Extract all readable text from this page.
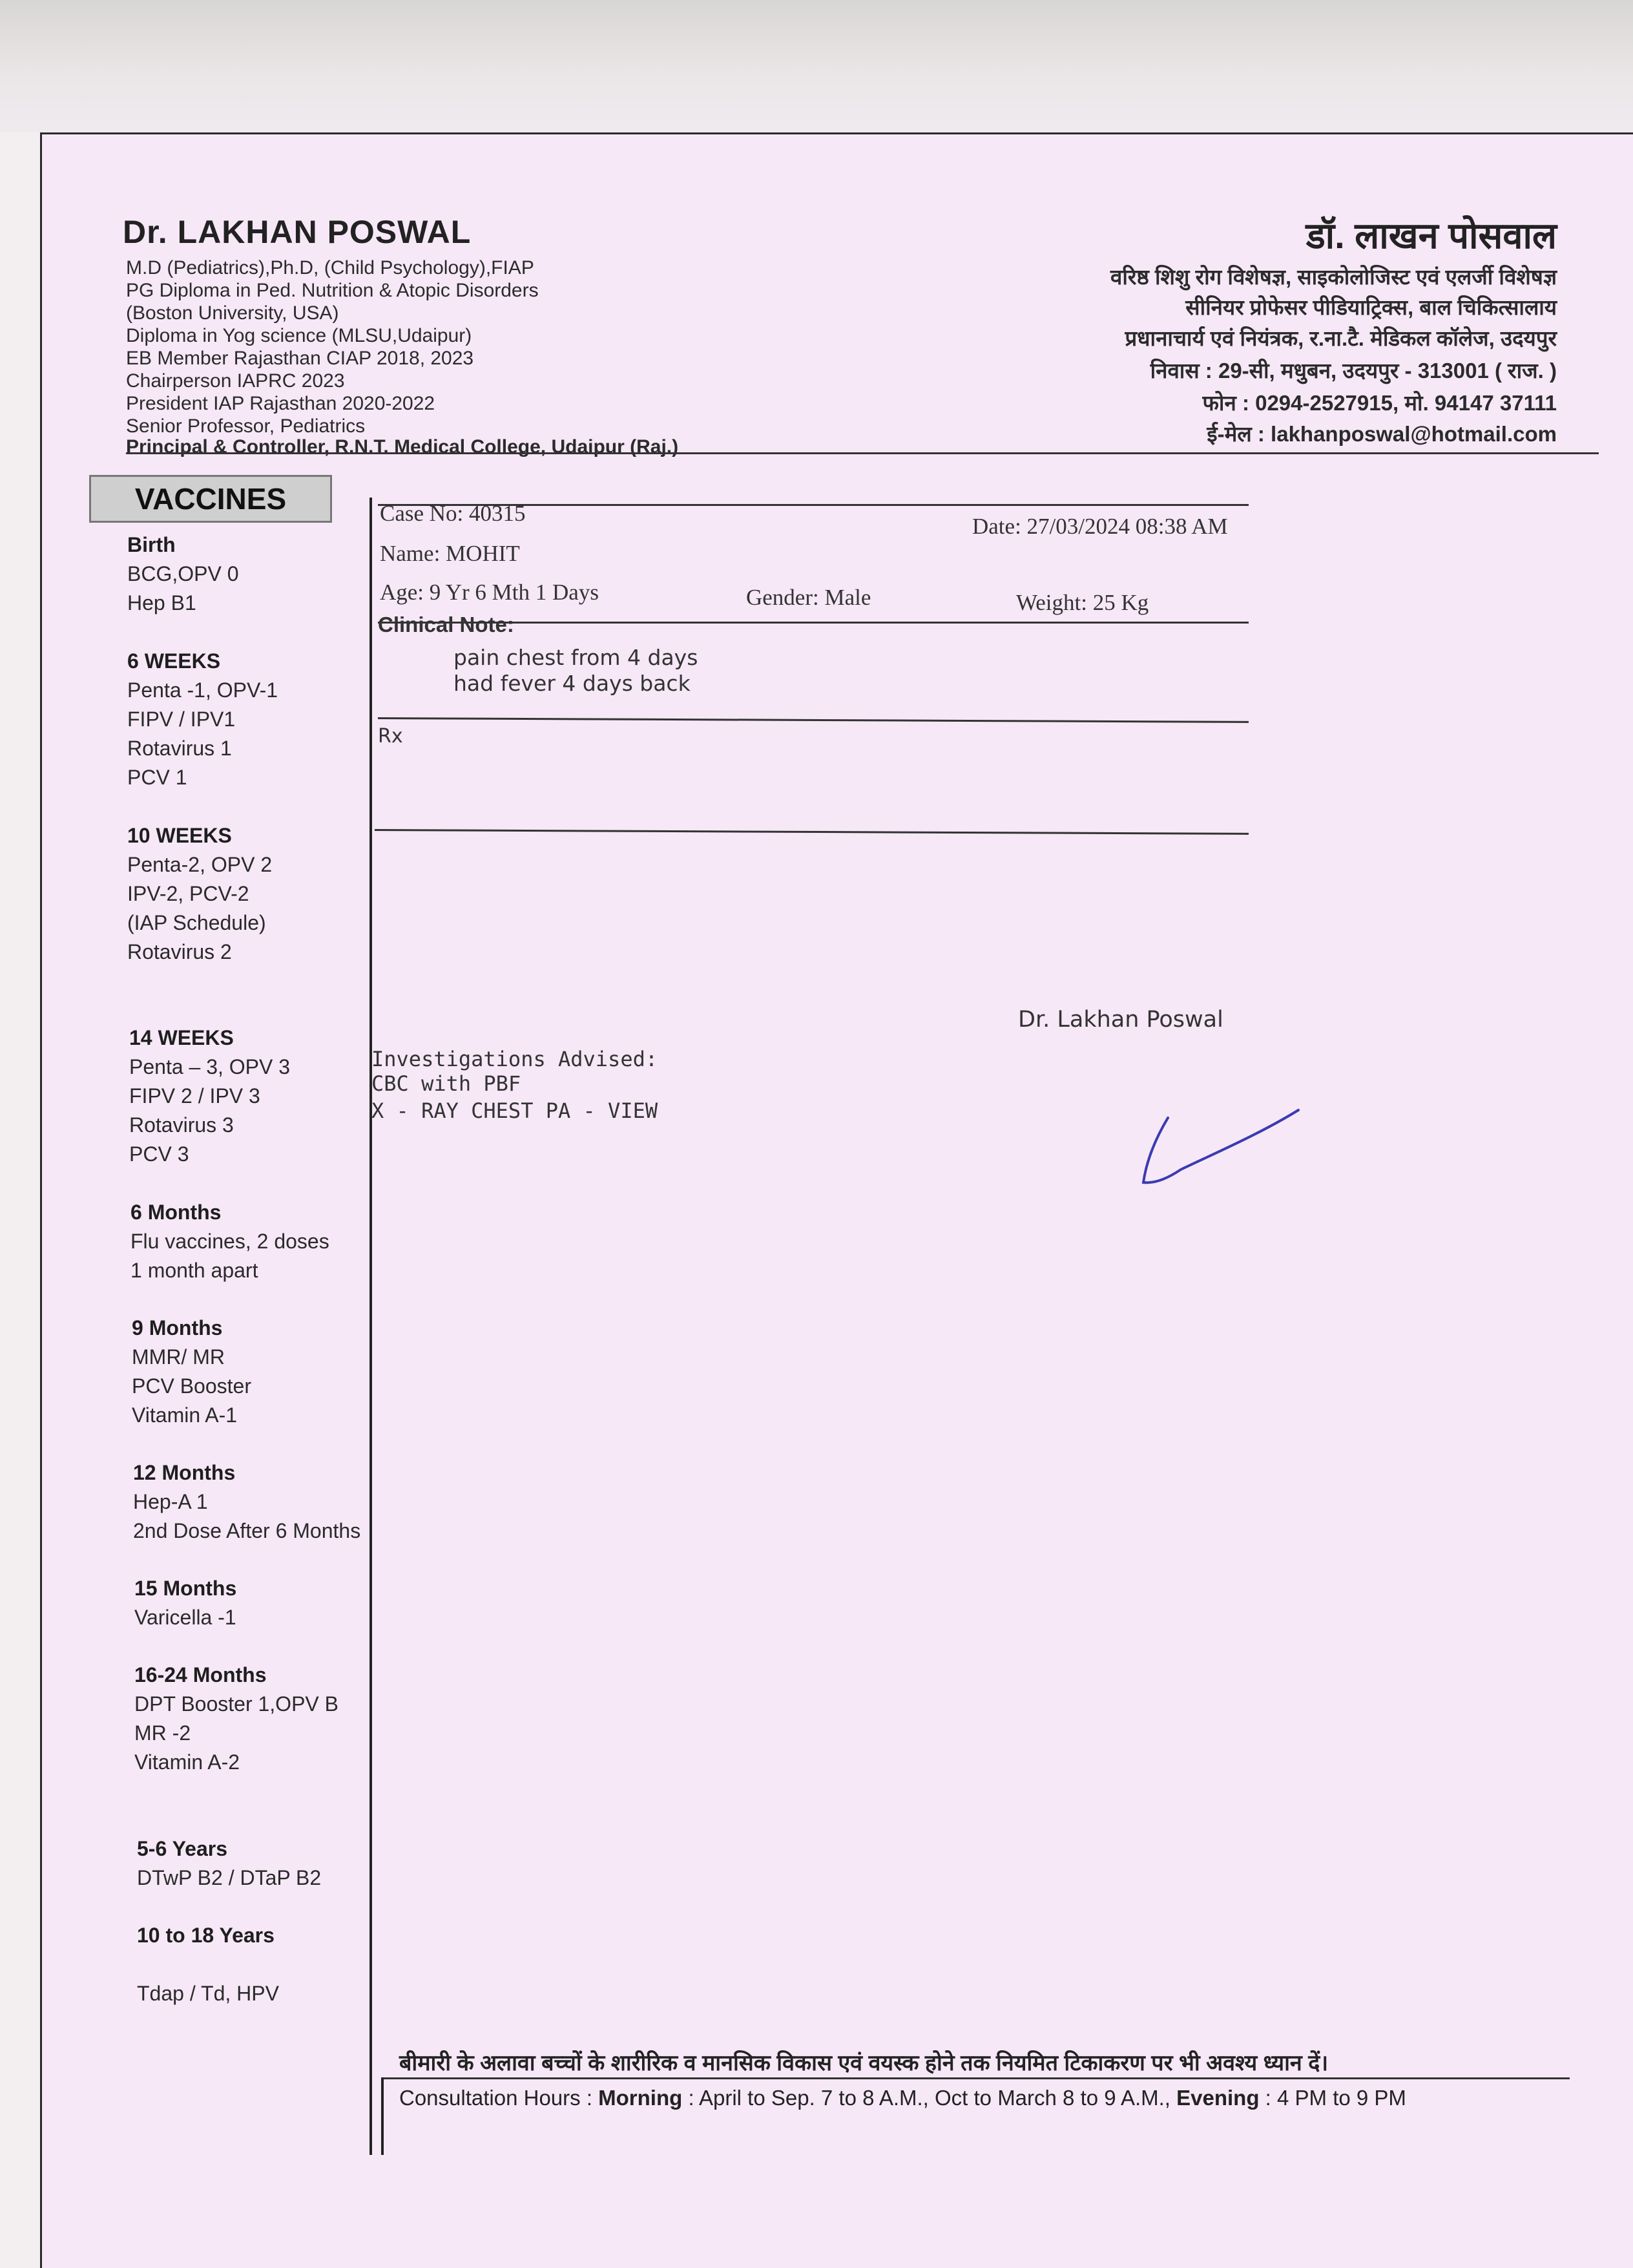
Dr. LAKHAN POSWAL
M.D (Pediatrics),Ph.D, (Child Psychology),FIAP
PG Diploma in Ped. Nutrition & Atopic Disorders
(Boston University, USA)
Diploma in Yog science (MLSU,Udaipur)
EB Member Rajasthan CIAP 2018, 2023
Chairperson IAPRC 2023
President IAP Rajasthan 2020-2022
Senior Professor, Pediatrics
Principal & Controller, R.N.T. Medical College, Udaipur (Raj.)
डॉ. लाखन पोसवाल
वरिष्ठ शिशु रोग विशेषज्ञ, साइकोलोजिस्ट एवं एलर्जी विशेषज्ञ
सीनियर प्रोफेसर पीडियाट्रिक्स, बाल चिकित्सालाय
प्रधानाचार्य एवं नियंत्रक, र.ना.टै. मेडिकल कॉलेज, उदयपुर
निवास : 29-सी, मधुबन, उदयपुर - 313001 ( राज. )
फोन : 0294-2527915, मो. 94147 37111
ई-मेल : lakhanposwal@hotmail.com
VACCINES
Birth
BCG,OPV 0
Hep B1
6 WEEKS
Penta -1, OPV-1
FIPV / IPV1
Rotavirus 1
PCV 1
10 WEEKS
Penta-2, OPV 2
IPV-2, PCV-2
(IAP Schedule)
Rotavirus 2
14 WEEKS
Penta – 3, OPV 3
FIPV 2 / IPV 3
Rotavirus 3
PCV 3
6 Months
Flu vaccines, 2 doses
1 month apart
9 Months
MMR/ MR
PCV Booster
Vitamin A-1
12 Months
Hep-A 1
2nd Dose After 6 Months
15 Months
Varicella -1
16-24 Months
DPT Booster 1,OPV B
MR -2
Vitamin A-2
5-6 Years
DTwP B2 / DTaP B2
10 to 18 Years
Tdap / Td, HPV
Case No: 40315
Date: 27/03/2024 08:38 AM
Name: MOHIT
Age: 9 Yr 6 Mth 1 Days	Gender: Male	Weight: 25 Kg
Clinical Note:
pain chest from 4 days
had fever 4 days back
Rx
Dr. Lakhan Poswal
Investigations Advised:
CBC with PBF
X - RAY CHEST PA - VIEW
बीमारी के अलावा बच्चों के शारीरिक व मानसिक विकास एवं वयस्क होने तक नियमित टिकाकरण पर भी अवश्य ध्यान दें।
Consultation Hours : Morning : April to Sep. 7 to 8 A.M., Oct to March 8 to 9 A.M., Evening : 4 PM to 9 PM
